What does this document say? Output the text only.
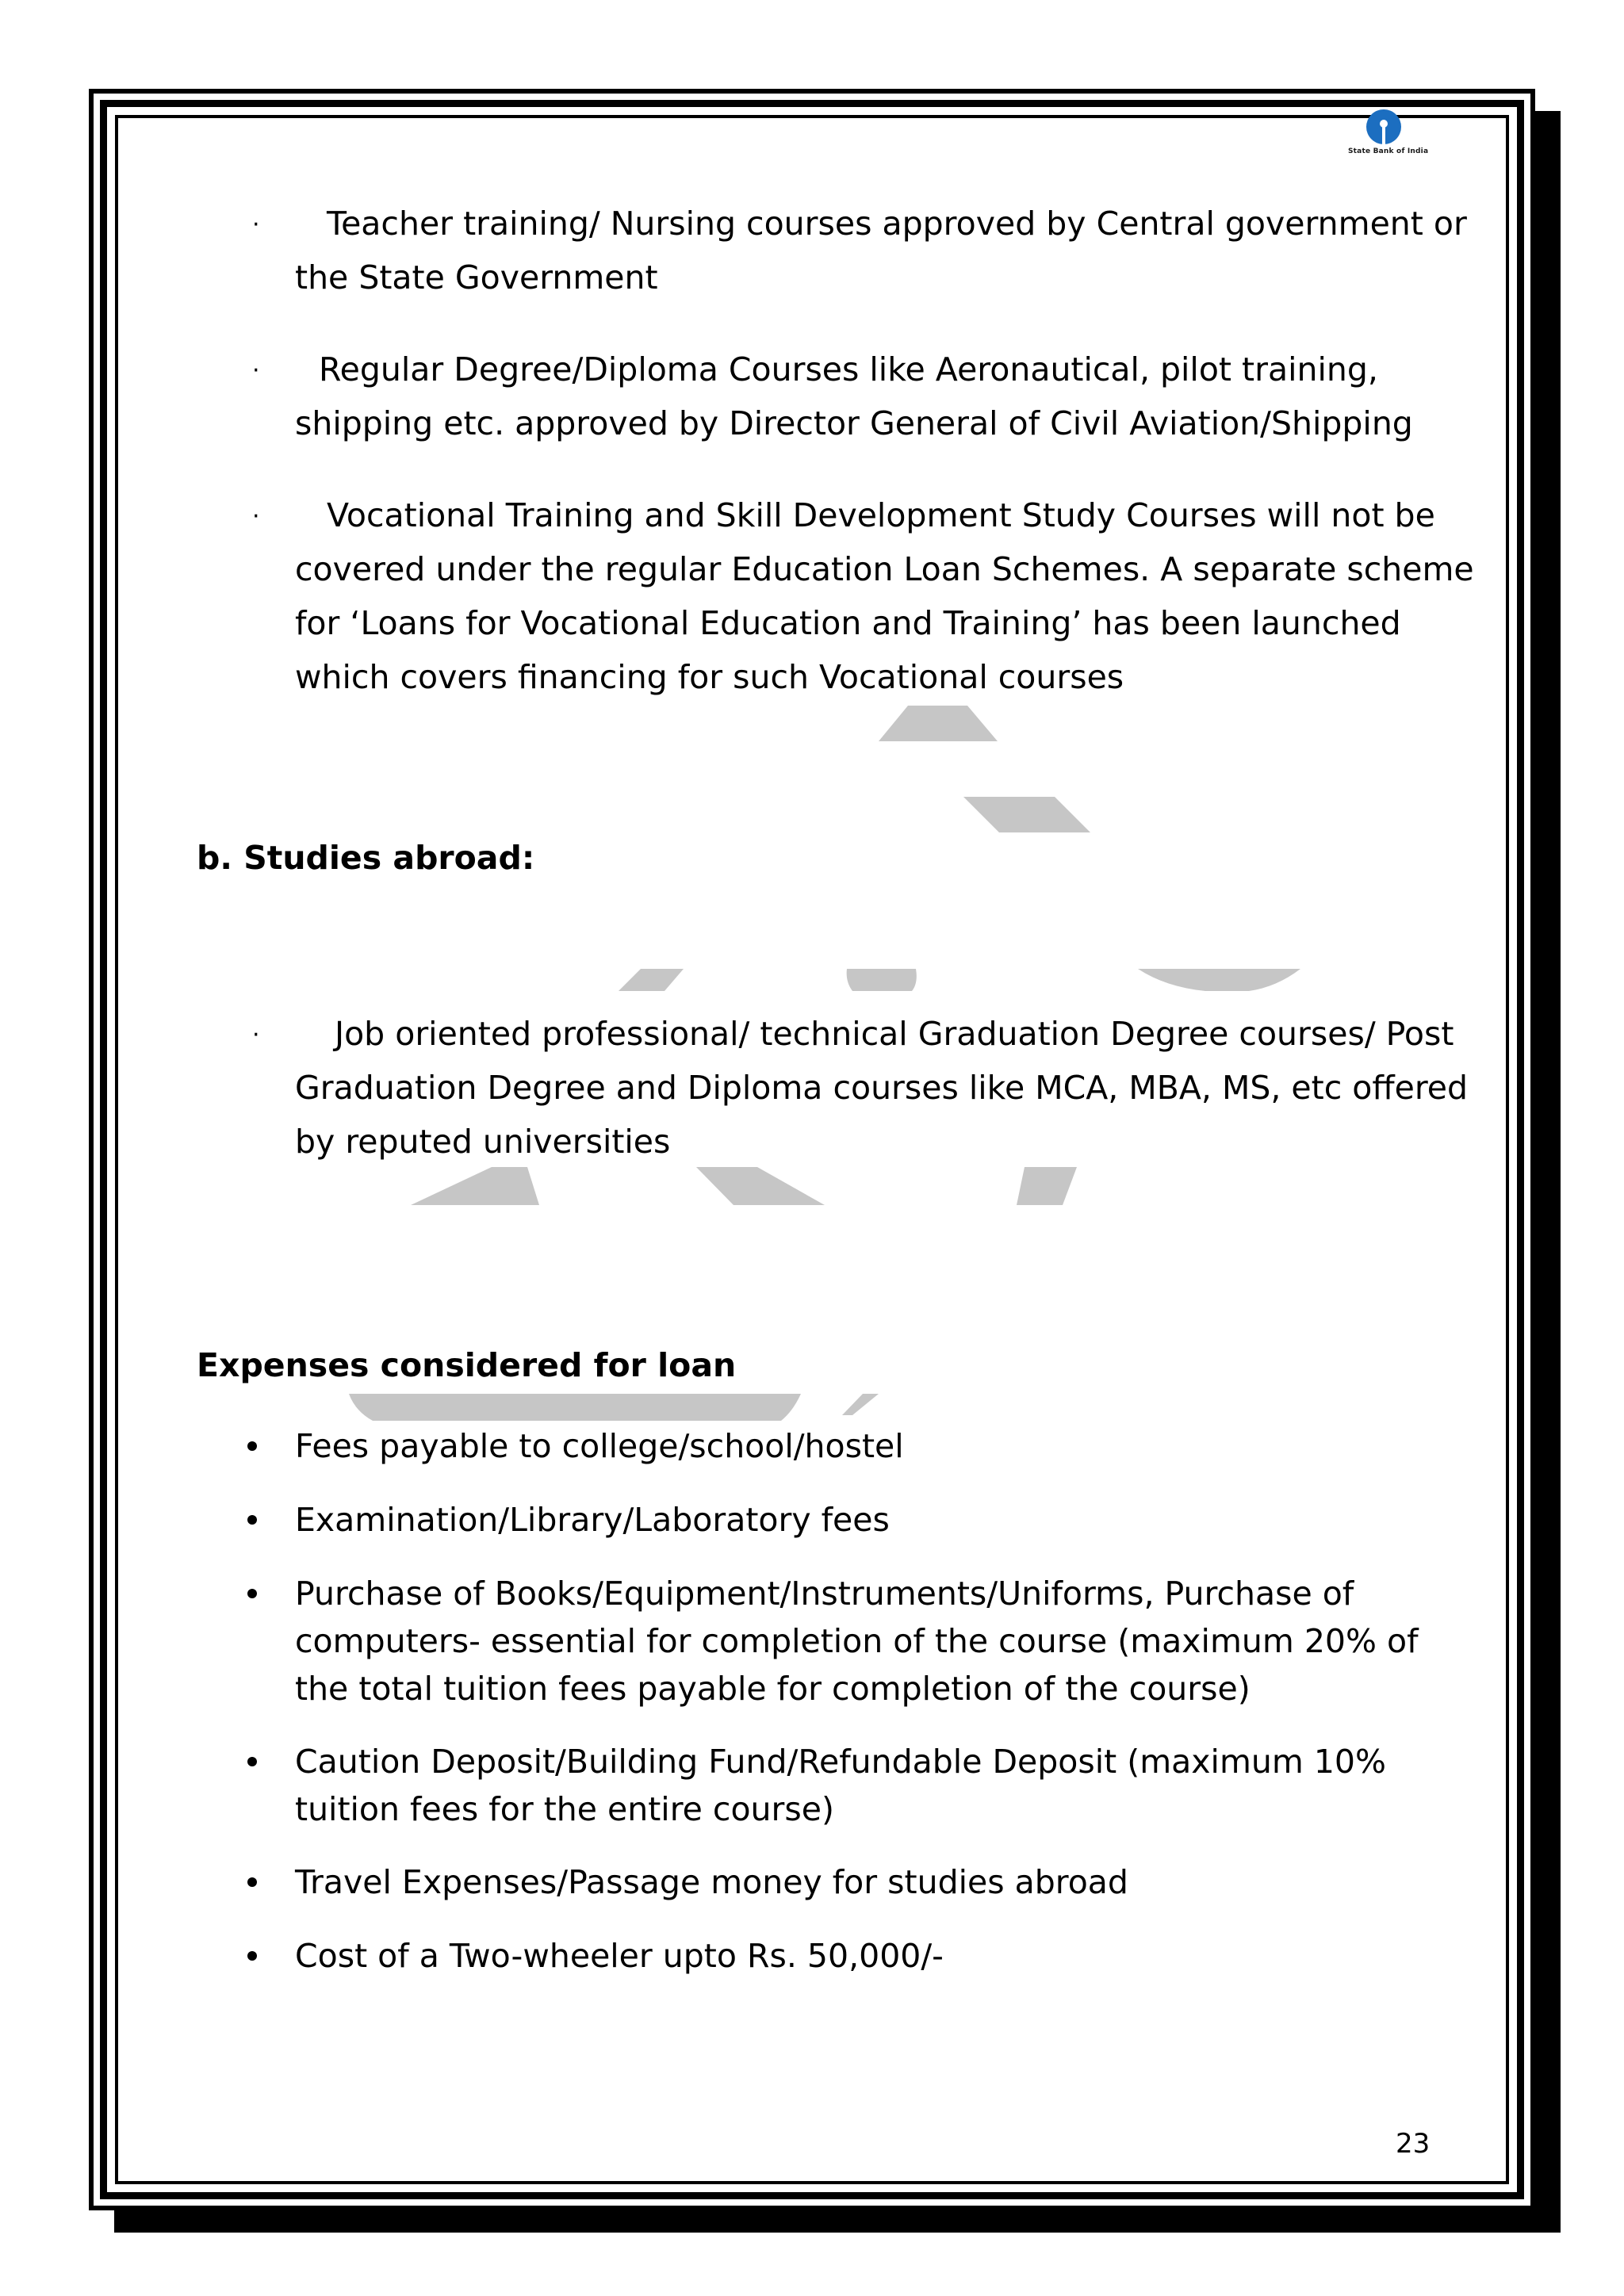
State Bank of India
· Teacher training/ Nursing courses approved by Central government or
the State Government
· Regular Degree/Diploma Courses like Aeronautical, pilot training,
shipping etc. approved by Director General of Civil Aviation/Shipping
· Vocational Training and Skill Development Study Courses will not be
covered under the regular Education Loan Schemes. A separate scheme
for ‘Loans for Vocational Education and Training’ has been launched
which covers financing for such Vocational courses
b. Studies abroad:
· Job oriented professional/ technical Graduation Degree courses/ Post
Graduation Degree and Diploma courses like MCA, MBA, MS, etc offered
by reputed universities
Expenses considered for loan
Fees payable to college/school/hostel
Examination/Library/Laboratory fees
Purchase of Books/Equipment/Instruments/Uniforms, Purchase of computers- essential for completion of the course (maximum 20% of the total tuition fees payable for completion of the course)
Caution Deposit/Building Fund/Refundable Deposit (maximum 10% tuition fees for the entire course)
Travel Expenses/Passage money for studies abroad
Cost of a Two-wheeler upto Rs. 50,000/-
23
